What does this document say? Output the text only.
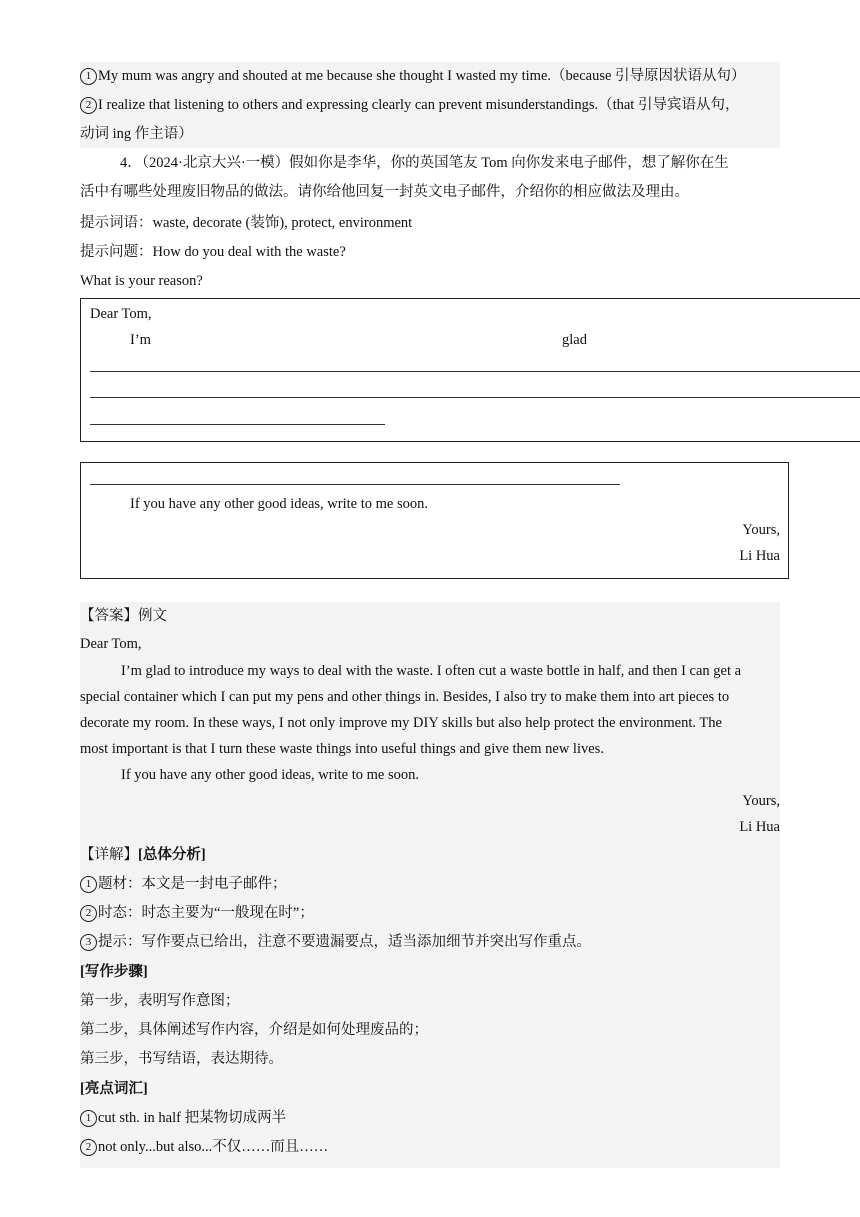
1 My mum was angry and shouted at me because she thought I wasted my time.（because 引导原因状语从句）
2 I realize that listening to others and expressing clearly can prevent misunderstandings.（that 引导宾语从句，
动词 ing 作主语）
4．（2024·北京大兴·一模）假如你是李华，你的英国笔友 Tom 向你发来电子邮件，想了解你在生
活中有哪些处理废旧物品的做法。请你给他回复一封英文电子邮件，介绍你的相应做法及理由。
提示词语：waste, decorate (装饰), protect, environment
提示问题：How do you deal with the waste?
What is your reason?
Dear Tom,
I’m	glad
If you have any other good ideas, write to me soon.
Yours,
Li Hua
【答案】例文
Dear Tom,
I’m glad to introduce my ways to deal with the waste. I often cut a waste bottle in half, and then I can get a
special container which I can put my pens and other things in. Besides, I also try to make them into art pieces to
decorate my room. In these ways, I not only improve my DIY skills but also help protect the environment. The
most important is that I turn these waste things into useful things and give them new lives.
If you have any other good ideas, write to me soon.
Yours,
Li Hua
【详解】[总体分析]
1 题材：本文是一封电子邮件；
2 时态：时态主要为“一般现在时”；
3 提示：写作要点已给出，注意不要遗漏要点，适当添加细节并突出写作重点。
[写作步骤]
第一步，表明写作意图；
第二步，具体阐述写作内容，介绍是如何处理废品的；
第三步，书写结语，表达期待。
[亮点词汇]
1 cut sth. in half 把某物切成两半
2 not only...but also...不仅……而且……
